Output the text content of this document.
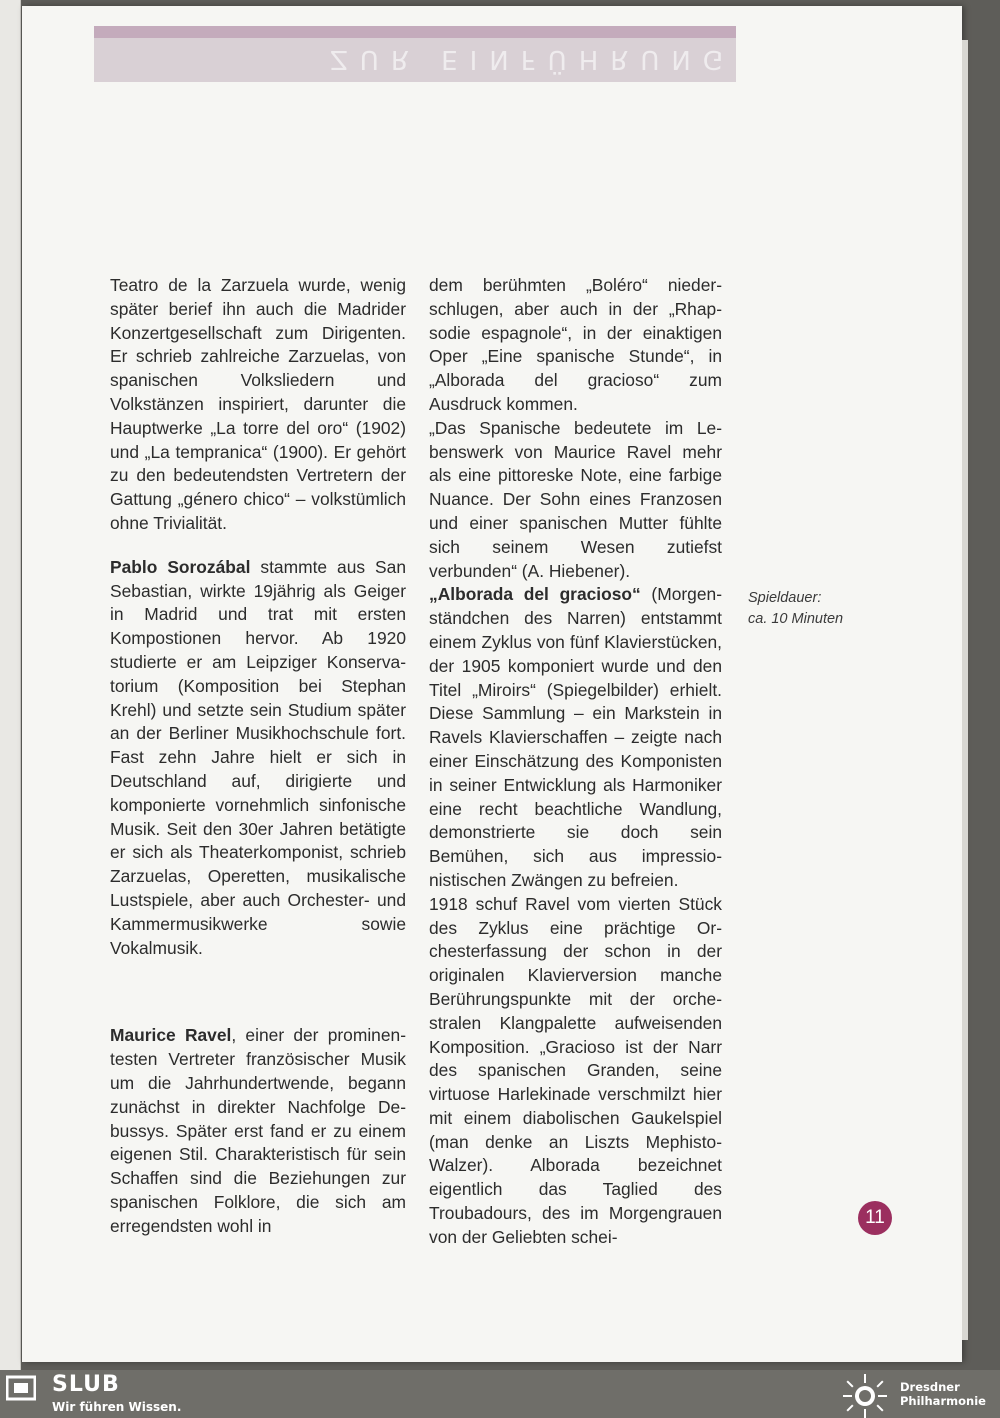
ZUR EINFÜHRUNG

Teatro de la Zarzuela wurde, wenig später berief ihn auch die Madrider Konzertgesellschaft zum Dirigenten. Er schrieb zahlreiche Zarzuelas, von spanischen Volksliedern und Volkstänzen inspiriert, darunter die Hauptwerke „La torre del oro“ (1902) und „La tempranica“ (1900). Er gehört zu den bedeutendsten Vertretern der Gattung „género chico“ – volkstümlich ohne Trivialität.

Pablo Sorozábal stammte aus San Sebastian, wirkte 19jährig als Geiger in Madrid und trat mit ersten Kompostionen hervor. Ab 1920 studierte er am Leipziger Konservatorium (Komposition bei Stephan Krehl) und setzte sein Studium später an der Berliner Musikhochschule fort. Fast zehn Jahre hielt er sich in Deutschland auf, dirigierte und komponierte vornehmlich sinfonische Musik. Seit den 30er Jahren betätigte er sich als Theaterkomponist, schrieb Zarzuelas, Operetten, musikalische Lustspiele, aber auch Orchester- und Kammermusikwerke sowie Vokalmusik.

Maurice Ravel, einer der prominentesten Vertreter französischer Musik um die Jahrhundertwende, begann zunächst in direkter Nachfolge Debussys. Später erst fand er zu einem eigenen Stil. Charakteristisch für sein Schaffen sind die Beziehungen zur spanischen Folklore, die sich am erregendsten wohl in

dem berühmten „Boléro“ niederschlugen, aber auch in der „Rhapsodie espagnole“, in der einaktigen Oper „Eine spanische Stunde“, in „Alborada del gracioso“ zum Ausdruck kommen.

„Das Spanische bedeutete im Lebenswerk von Maurice Ravel mehr als eine pittoreske Note, eine farbige Nuance. Der Sohn eines Franzosen und einer spanischen Mutter fühlte sich seinem Wesen zutiefst verbunden“ (A. Hiebener).

„Alborada del gracioso“ (Morgenständchen des Narren) entstammt einem Zyklus von fünf Klavierstücken, der 1905 komponiert wurde und den Titel „Miroirs“ (Spiegelbilder) erhielt. Diese Sammlung – ein Markstein in Ravels Klavierschaffen – zeigte nach einer Einschätzung des Komponisten in seiner Entwicklung als Harmoniker eine recht beachtliche Wandlung, demonstrierte sie doch sein Bemühen, sich aus impressionistischen Zwängen zu befreien.

1918 schuf Ravel vom vierten Stück des Zyklus eine prächtige Orchesterfassung der schon in der originalen Klavierversion manche Berührungspunkte mit der orchestralen Klangpalette aufweisenden Komposition. „Gracioso ist der Narr des spanischen Granden, seine virtuose Harlekinade verschmilzt hier mit einem diabolischen Gaukelspiel (man denke an Liszts Mephisto-Walzer). Alborada bezeichnet eigentlich das Taglied des Troubadours, des im Morgengrauen von der Geliebten schei-

Spieldauer:
ca. 10 Minuten
11
SLUB
Wir führen Wissen.
Dresdner
Philharmonie
